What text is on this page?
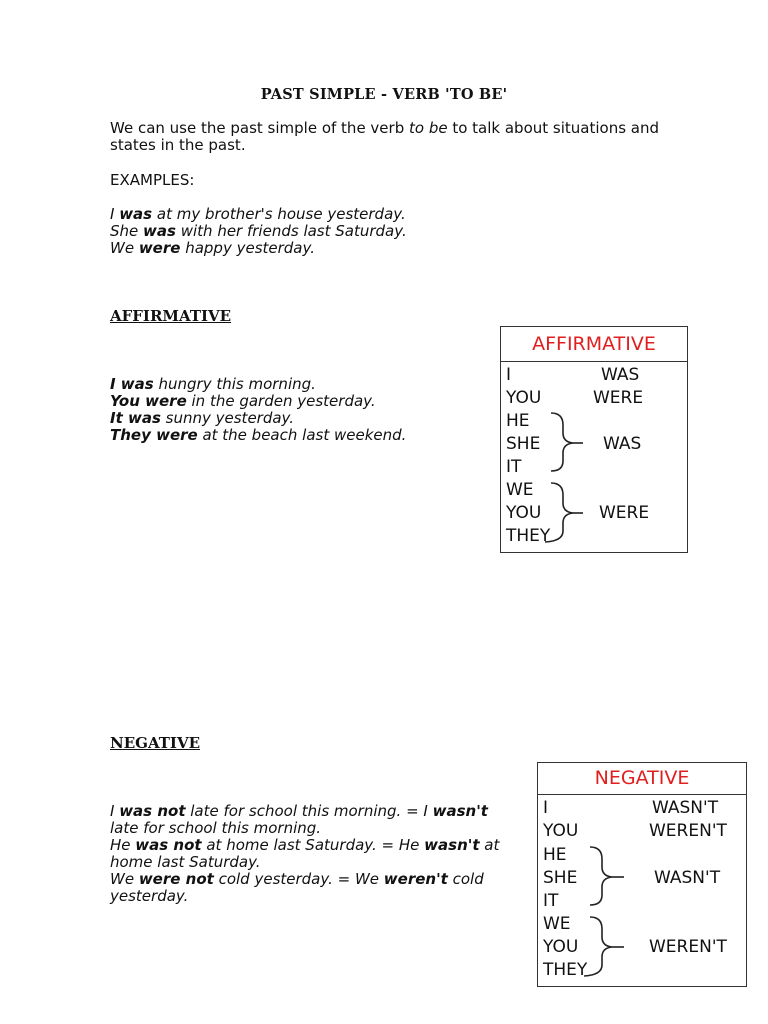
PAST SIMPLE - VERB 'TO BE'
We can use the past simple of the verb to be to talk about situations and states in the past.
EXAMPLES:
I was at my brother's house yesterday.
She was with her friends last Saturday.
We were happy yesterday.
AFFIRMATIVE
I was hungry this morning.
You were in the garden yesterday.
It was sunny yesterday.
They were at the beach last weekend.
AFFIRMATIVE
I
YOU
HE
SHE
IT
WE
YOU
THEY
WAS
WERE
WAS
WERE
NEGATIVE
I was not late for school this morning. = I wasn't
late for school this morning.
He was not at home last Saturday. = He wasn't at
home last Saturday.
We were not cold yesterday. = We weren't cold
yesterday.
NEGATIVE
I
YOU
HE
SHE
IT
WE
YOU
THEY
WASN'T
WEREN'T
WASN'T
WEREN'T
